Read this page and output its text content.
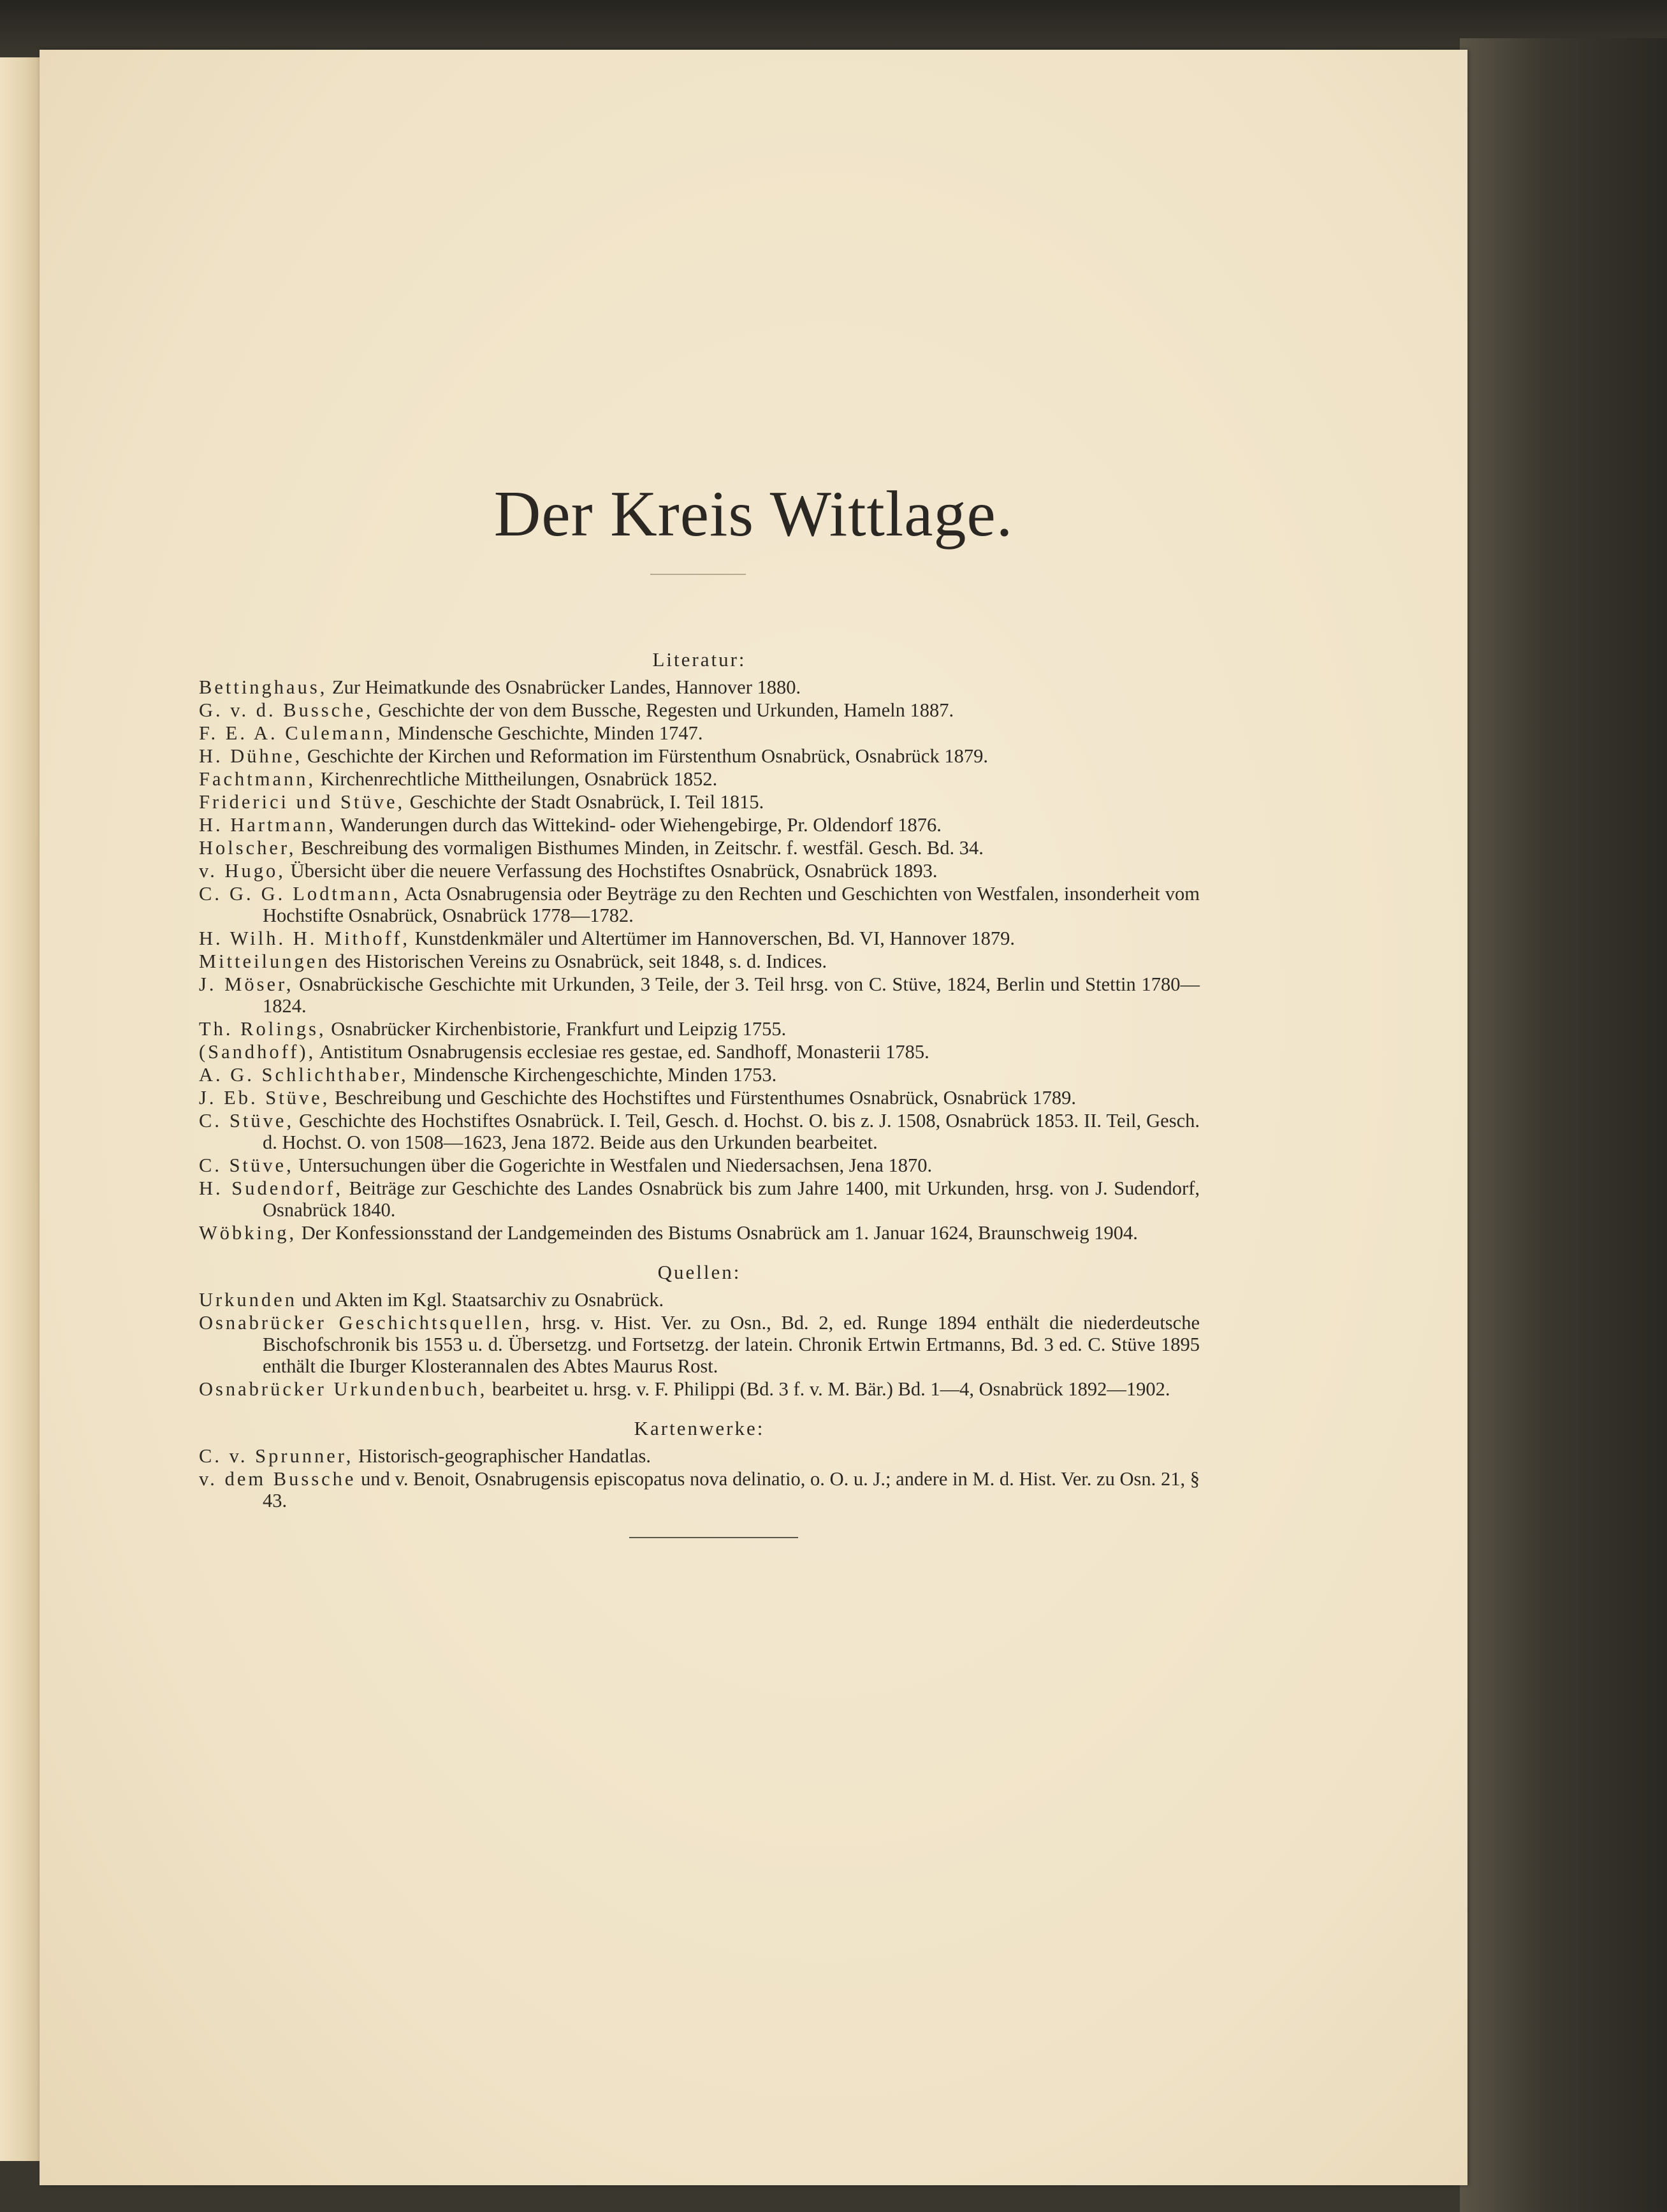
Der Kreis Wittlage.
Literatur:

Bettinghaus, Zur Heimatkunde des Osnabrücker Landes, Hannover 1880.

G. v. d. Bussche, Geschichte der von dem Bussche, Regesten und Urkunden, Hameln 1887.

F. E. A. Culemann, Mindensche Geschichte, Minden 1747.

H. Dühne, Geschichte der Kirchen und Reformation im Fürstenthum Osnabrück, Osnabrück 1879.

Fachtmann, Kirchenrechtliche Mittheilungen, Osnabrück 1852.

Friderici und Stüve, Geschichte der Stadt Osnabrück, I. Teil 1815.

H. Hartmann, Wanderungen durch das Wittekind- oder Wiehengebirge, Pr. Oldendorf 1876.

Holscher, Beschreibung des vormaligen Bisthumes Minden, in Zeitschr. f. westfäl. Gesch. Bd. 34.

v. Hugo, Übersicht über die neuere Verfassung des Hochstiftes Osnabrück, Osnabrück 1893.

C. G. G. Lodtmann, Acta Osnabrugensia oder Beyträge zu den Rechten und Geschichten von Westfalen, insonderheit vom Hochstifte Osnabrück, Osnabrück 1778—1782.

H. Wilh. H. Mithoff, Kunstdenkmäler und Altertümer im Hannoverschen, Bd. VI, Hannover 1879.

Mitteilungen des Historischen Vereins zu Osnabrück, seit 1848, s. d. Indices.

J. Möser, Osnabrückische Geschichte mit Urkunden, 3 Teile, der 3. Teil hrsg. von C. Stüve, 1824, Berlin und Stettin 1780—1824.

Th. Rolings, Osnabrücker Kirchenbistorie, Frankfurt und Leipzig 1755.

(Sandhoff), Antistitum Osnabrugensis ecclesiae res gestae, ed. Sandhoff, Monasterii 1785.

A. G. Schlichthaber, Mindensche Kirchengeschichte, Minden 1753.

J. Eb. Stüve, Beschreibung und Geschichte des Hochstiftes und Fürstenthumes Osnabrück, Osnabrück 1789.

C. Stüve, Geschichte des Hochstiftes Osnabrück. I. Teil, Gesch. d. Hochst. O. bis z. J. 1508, Osnabrück 1853. II. Teil, Gesch. d. Hochst. O. von 1508—1623, Jena 1872. Beide aus den Urkunden bearbeitet.

C. Stüve, Untersuchungen über die Gogerichte in Westfalen und Niedersachsen, Jena 1870.

H. Sudendorf, Beiträge zur Geschichte des Landes Osnabrück bis zum Jahre 1400, mit Urkunden, hrsg. von J. Sudendorf, Osnabrück 1840.

Wöbking, Der Konfessionsstand der Landgemeinden des Bistums Osnabrück am 1. Januar 1624, Braunschweig 1904.

Quellen:

Urkunden und Akten im Kgl. Staatsarchiv zu Osnabrück.

Osnabrücker Geschichtsquellen, hrsg. v. Hist. Ver. zu Osn., Bd. 2, ed. Runge 1894 enthält die niederdeutsche Bischofschronik bis 1553 u. d. Übersetzg. und Fortsetzg. der latein. Chronik Ertwin Ertmanns, Bd. 3 ed. C. Stüve 1895 enthält die Iburger Klosterannalen des Abtes Maurus Rost.

Osnabrücker Urkundenbuch, bearbeitet u. hrsg. v. F. Philippi (Bd. 3 f. v. M. Bär.) Bd. 1—4, Osnabrück 1892—1902.

Kartenwerke:

C. v. Sprunner, Historisch-geographischer Handatlas.

v. dem Bussche und v. Benoit, Osnabrugensis episcopatus nova delinatio, o. O. u. J.; andere in M. d. Hist. Ver. zu Osn. 21, § 43.
